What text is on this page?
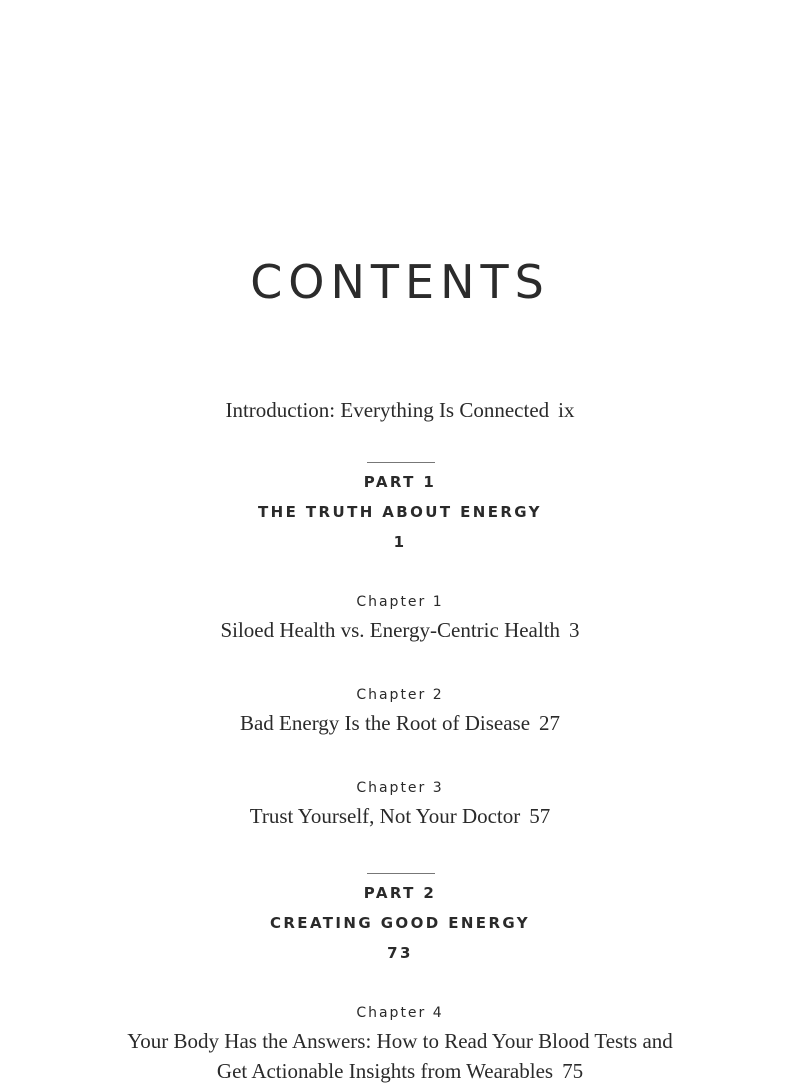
CONTENTS
Introduction: Everything Is Connected ix
PART 1
THE TRUTH ABOUT ENERGY
1
Chapter 1
Siloed Health vs. Energy-Centric Health 3
Chapter 2
Bad Energy Is the Root of Disease 27
Chapter 3
Trust Yourself, Not Your Doctor 57
PART 2
CREATING GOOD ENERGY
73
Chapter 4
Your Body Has the Answers: How to Read Your Blood Tests and
Get Actionable Insights from Wearables 75
